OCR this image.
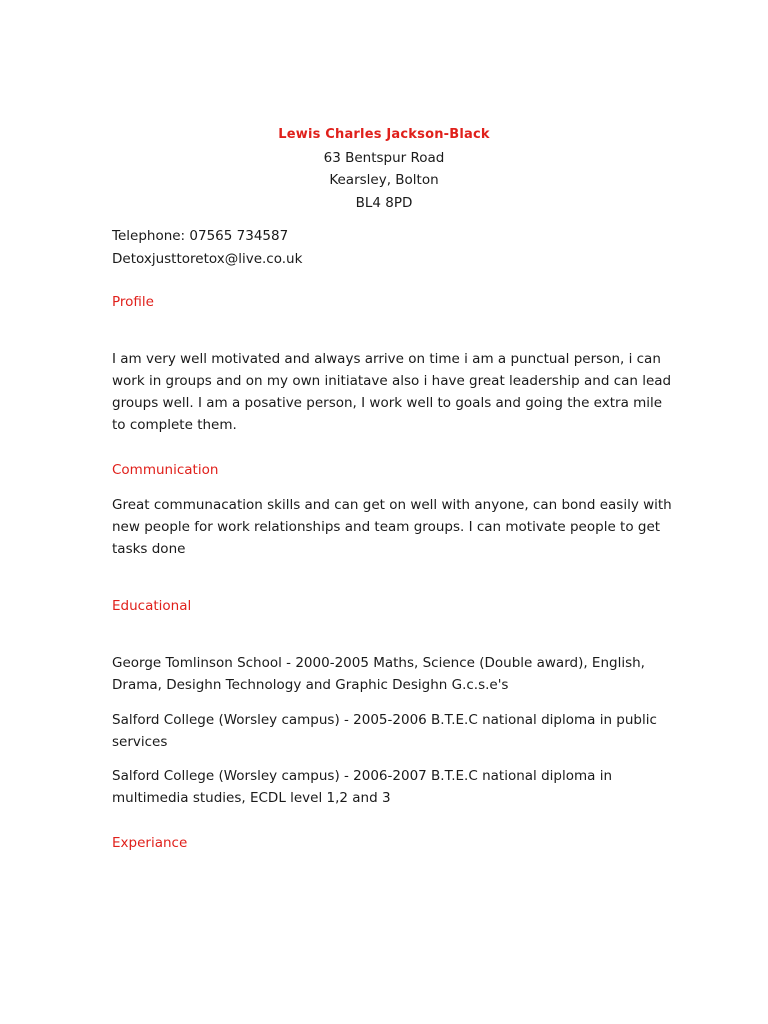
Lewis Charles Jackson-Black
63 Bentspur Road
Kearsley, Bolton
BL4 8PD
Telephone: 07565 734587
Detoxjusttoretox@live.co.uk
Profile
I am very well motivated and always arrive on time i am a punctual person, i can work in groups and on my own initiatave also i have great leadership and can lead groups well. I am a posative person, I work well to goals and going the extra mile to complete them.
Communication
Great communacation skills and can get on well with anyone, can bond easily with new people for work relationships and team groups. I can motivate people to get tasks done
Educational
George Tomlinson School - 2000-2005 Maths, Science (Double award), English, Drama, Desighn Technology and Graphic Desighn G.c.s.e's
Salford College (Worsley campus) - 2005-2006 B.T.E.C national diploma in public services
Salford College (Worsley campus) - 2006-2007 B.T.E.C national diploma in multimedia studies, ECDL level 1,2 and 3
Experiance
